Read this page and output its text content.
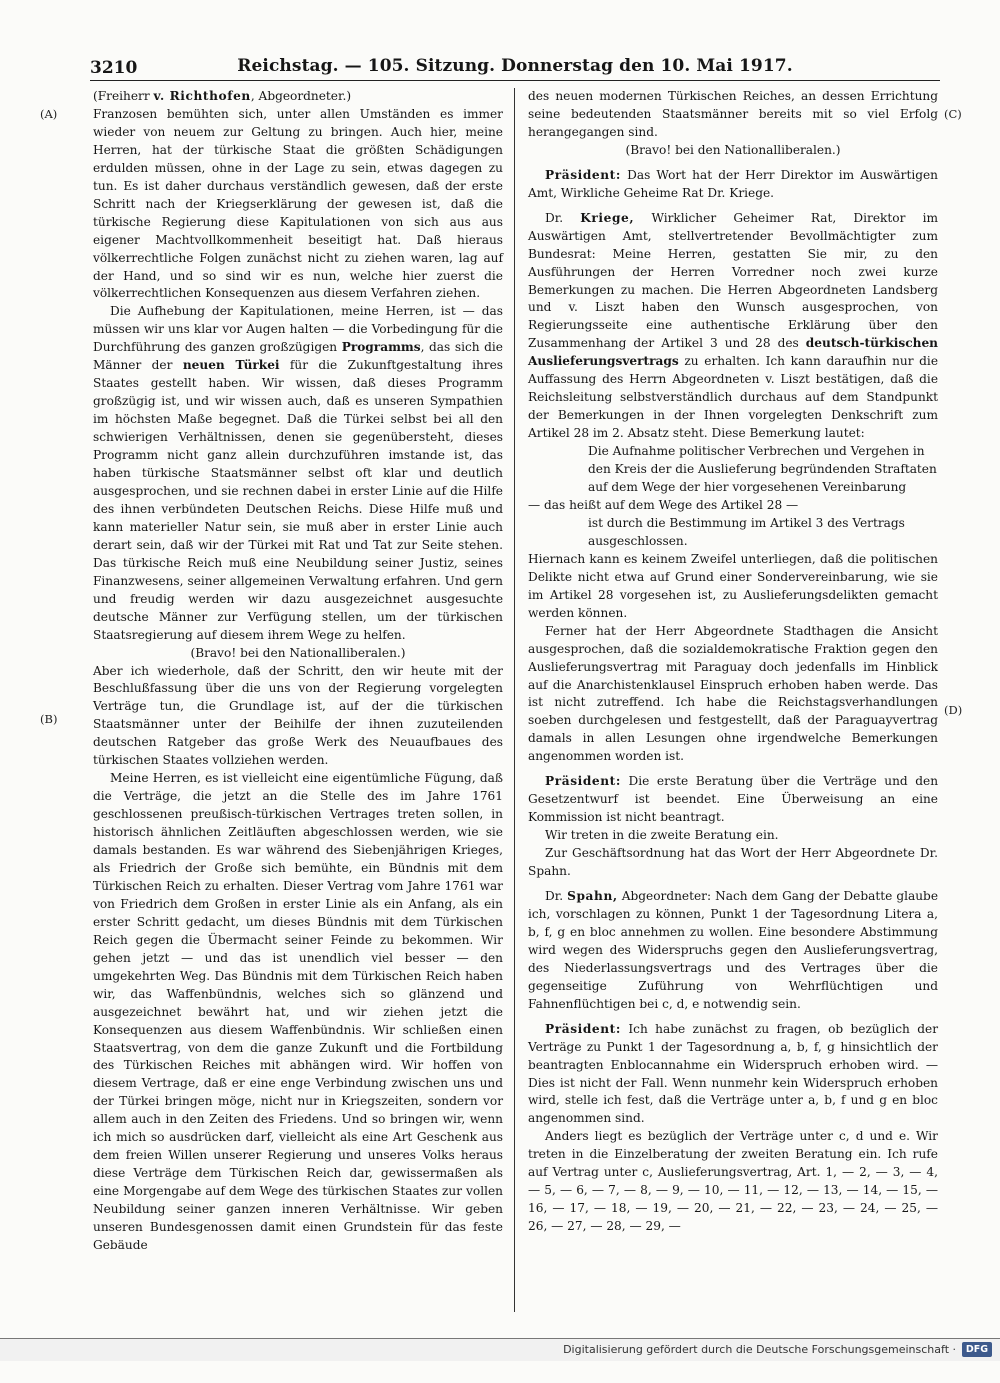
3210	Reichstag. — 105. Sitzung. Donnerstag den 10. Mai 1917.
(A)
(B)
(C)
(D)

(Freiherr v. Richthofen, Abgeordneter.)

Franzosen bemühten sich, unter allen Umständen es immer wieder von neuem zur Geltung zu bringen. Auch hier, meine Herren, hat der türkische Staat die größten Schädigungen erdulden müssen, ohne in der Lage zu sein, etwas dagegen zu tun. Es ist daher durchaus verständlich gewesen, daß der erste Schritt nach der Kriegserklärung der gewesen ist, daß die türkische Regierung diese Kapitulationen von sich aus aus eigener Machtvollkommenheit beseitigt hat. Daß hieraus völkerrechtliche Folgen zunächst nicht zu ziehen waren, lag auf der Hand, und so sind wir es nun, welche hier zuerst die völkerrechtlichen Konsequenzen aus diesem Verfahren ziehen.

Die Aufhebung der Kapitulationen, meine Herren, ist — das müssen wir uns klar vor Augen halten — die Vorbedingung für die Durchführung des ganzen großzügigen Programms, das sich die Männer der neuen Türkei für die Zukunftgestaltung ihres Staates gestellt haben. Wir wissen, daß dieses Programm großzügig ist, und wir wissen auch, daß es unseren Sympathien im höchsten Maße begegnet. Daß die Türkei selbst bei all den schwierigen Verhältnissen, denen sie gegenübersteht, dieses Programm nicht ganz allein durchzuführen imstande ist, das haben türkische Staatsmänner selbst oft klar und deutlich ausgesprochen, und sie rechnen dabei in erster Linie auf die Hilfe des ihnen verbündeten Deutschen Reichs. Diese Hilfe muß und kann materieller Natur sein, sie muß aber in erster Linie auch derart sein, daß wir der Türkei mit Rat und Tat zur Seite stehen. Das türkische Reich muß eine Neubildung seiner Justiz, seines Finanzwesens, seiner allgemeinen Verwaltung erfahren. Und gern und freudig werden wir dazu ausgezeichnet ausgesuchte deutsche Männer zur Verfügung stellen, um der türkischen Staatsregierung auf diesem ihrem Wege zu helfen.

(Bravo! bei den Nationalliberalen.)

Aber ich wiederhole, daß der Schritt, den wir heute mit der Beschlußfassung über die uns von der Regierung vorgelegten Verträge tun, die Grundlage ist, auf der die türkischen Staatsmänner unter der Beihilfe der ihnen zuzuteilenden deutschen Ratgeber das große Werk des Neuaufbaues des türkischen Staates vollziehen werden.

Meine Herren, es ist vielleicht eine eigentümliche Fügung, daß die Verträge, die jetzt an die Stelle des im Jahre 1761 geschlossenen preußisch-türkischen Vertrages treten sollen, in historisch ähnlichen Zeitläuften abgeschlossen werden, wie sie damals bestanden. Es war während des Siebenjährigen Krieges, als Friedrich der Große sich bemühte, ein Bündnis mit dem Türkischen Reich zu erhalten. Dieser Vertrag vom Jahre 1761 war von Friedrich dem Großen in erster Linie als ein Anfang, als ein erster Schritt gedacht, um dieses Bündnis mit dem Türkischen Reich gegen die Übermacht seiner Feinde zu bekommen. Wir gehen jetzt — und das ist unendlich viel besser — den umgekehrten Weg. Das Bündnis mit dem Türkischen Reich haben wir, das Waffenbündnis, welches sich so glänzend und ausgezeichnet bewährt hat, und wir ziehen jetzt die Konsequenzen aus diesem Waffenbündnis. Wir schließen einen Staatsvertrag, von dem die ganze Zukunft und die Fortbildung des Türkischen Reiches mit abhängen wird. Wir hoffen von diesem Vertrage, daß er eine enge Verbindung zwischen uns und der Türkei bringen möge, nicht nur in Kriegszeiten, sondern vor allem auch in den Zeiten des Friedens. Und so bringen wir, wenn ich mich so ausdrücken darf, vielleicht als eine Art Geschenk aus dem freien Willen unserer Regierung und unseres Volks heraus diese Verträge dem Türkischen Reich dar, gewissermaßen als eine Morgengabe auf dem Wege des türkischen Staates zur vollen Neubildung seiner ganzen inneren Verhältnisse. Wir geben unseren Bundesgenossen damit einen Grundstein für das feste Gebäude

des neuen modernen Türkischen Reiches, an dessen Errichtung seine bedeutenden Staatsmänner bereits mit so viel Erfolg herangegangen sind.

(Bravo! bei den Nationalliberalen.)

Präsident: Das Wort hat der Herr Direktor im Auswärtigen Amt, Wirkliche Geheime Rat Dr. Kriege.

Dr. Kriege, Wirklicher Geheimer Rat, Direktor im Auswärtigen Amt, stellvertretender Bevollmächtigter zum Bundesrat: Meine Herren, gestatten Sie mir, zu den Ausführungen der Herren Vorredner noch zwei kurze Bemerkungen zu machen. Die Herren Abgeordneten Landsberg und v. Liszt haben den Wunsch ausgesprochen, von Regierungsseite eine authentische Erklärung über den Zusammenhang der Artikel 3 und 28 des deutsch-türkischen Auslieferungsvertrags zu erhalten. Ich kann daraufhin nur die Auffassung des Herrn Abgeordneten v. Liszt bestätigen, daß die Reichsleitung selbstverständlich durchaus auf dem Standpunkt der Bemerkungen in der Ihnen vorgelegten Denkschrift zum Artikel 28 im 2. Absatz steht. Diese Bemerkung lautet:

Die Aufnahme politischer Verbrechen und Vergehen in den Kreis der die Auslieferung begründenden Straftaten auf dem Wege der hier vorgesehenen Vereinbarung

— das heißt auf dem Wege des Artikel 28 —

ist durch die Bestimmung im Artikel 3 des Vertrags ausgeschlossen.

Hiernach kann es keinem Zweifel unterliegen, daß die politischen Delikte nicht etwa auf Grund einer Sondervereinbarung, wie sie im Artikel 28 vorgesehen ist, zu Auslieferungsdelikten gemacht werden können.

Ferner hat der Herr Abgeordnete Stadthagen die Ansicht ausgesprochen, daß die sozialdemokratische Fraktion gegen den Auslieferungsvertrag mit Paraguay doch jedenfalls im Hinblick auf die Anarchistenklausel Einspruch erhoben haben werde. Das ist nicht zutreffend. Ich habe die Reichstagsverhandlungen soeben durchgelesen und festgestellt, daß der Paraguayvertrag damals in allen Lesungen ohne irgendwelche Bemerkungen angenommen worden ist.

Präsident: Die erste Beratung über die Verträge und den Gesetzentwurf ist beendet. Eine Überweisung an eine Kommission ist nicht beantragt.

Wir treten in die zweite Beratung ein.

Zur Geschäftsordnung hat das Wort der Herr Abgeordnete Dr. Spahn.

Dr. Spahn, Abgeordneter: Nach dem Gang der Debatte glaube ich, vorschlagen zu können, Punkt 1 der Tagesordnung Litera a, b, f, g en bloc annehmen zu wollen. Eine besondere Abstimmung wird wegen des Widerspruchs gegen den Auslieferungsvertrag, des Niederlassungsvertrags und des Vertrages über die gegenseitige Zuführung von Wehrflüchtigen und Fahnenflüchtigen bei c, d, e notwendig sein.

Präsident: Ich habe zunächst zu fragen, ob bezüglich der Verträge zu Punkt 1 der Tagesordnung a, b, f, g hinsichtlich der beantragten Enblocannahme ein Widerspruch erhoben wird. — Dies ist nicht der Fall. Wenn nunmehr kein Widerspruch erhoben wird, stelle ich fest, daß die Verträge unter a, b, f und g en bloc angenommen sind.

Anders liegt es bezüglich der Verträge unter c, d und e. Wir treten in die Einzelberatung der zweiten Beratung ein. Ich rufe auf Vertrag unter c, Auslieferungsvertrag, Art. 1, — 2, — 3, — 4, — 5, — 6, — 7, — 8, — 9, — 10, — 11, — 12, — 13, — 14, — 15, — 16, — 17, — 18, — 19, — 20, — 21, — 22, — 23, — 24, — 25, — 26, — 27, — 28, — 29, —

Digitalisierung gefördert durch die Deutsche Forschungsgemeinschaft ·	DFG
